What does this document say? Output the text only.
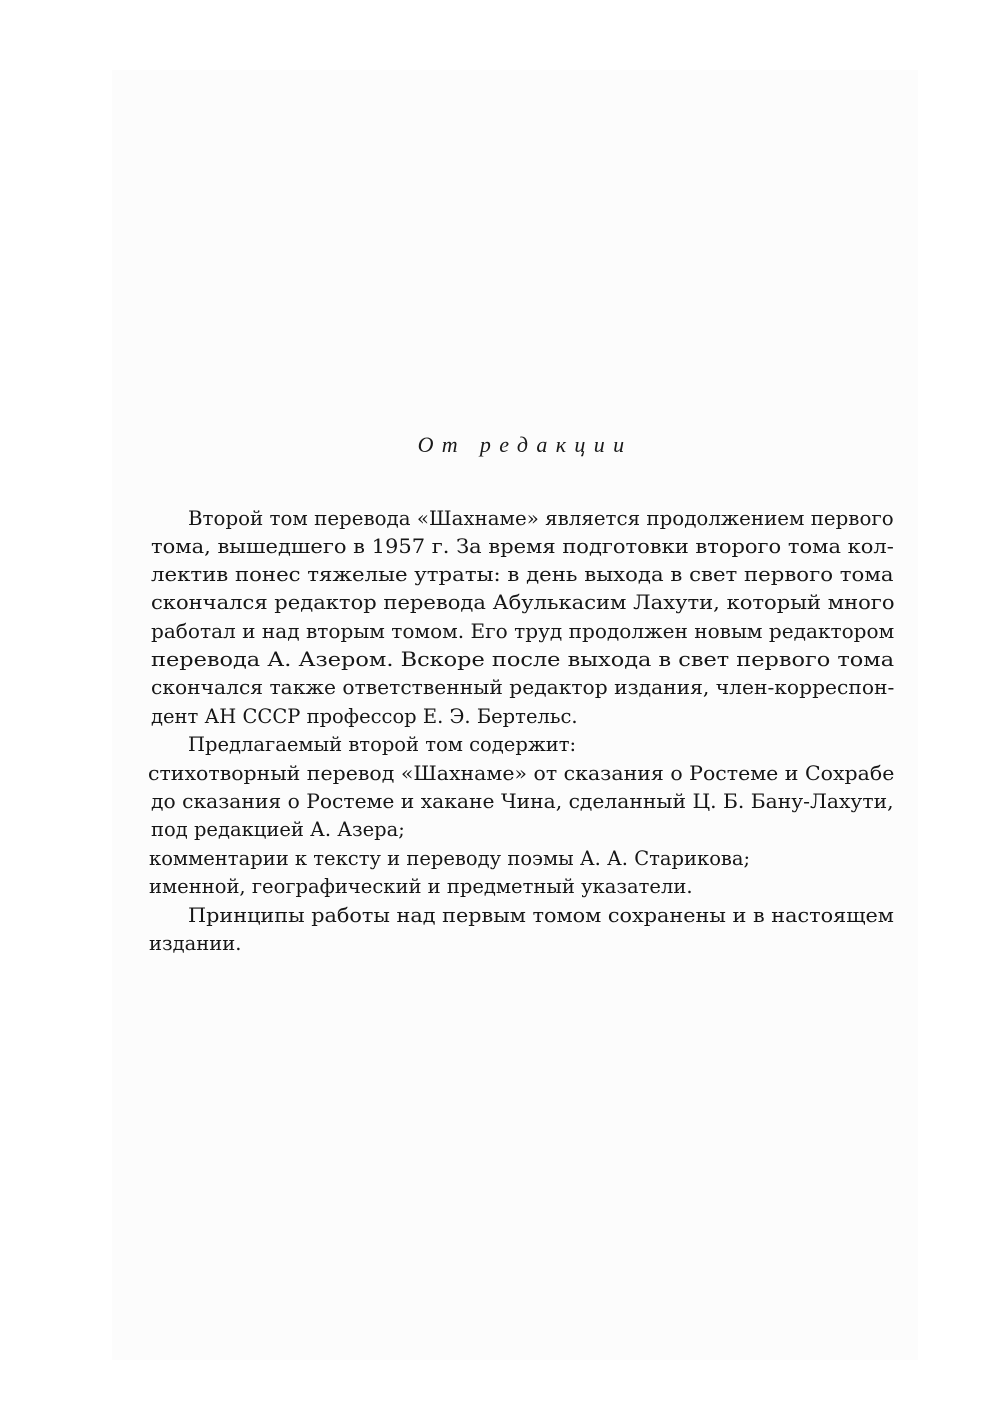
От редакции
Второй том перевода «Шахнаме» является продолжением первого
тома, вышедшего в 1957 г. За время подготовки второго тома кол-
лектив понес тяжелые утраты: в день выхода в свет первого тома
скончался редактор перевода Абулькасим Лахути, который много
работал и над вторым томом. Его труд продолжен новым редактором
перевода А. Азером. Вскоре после выхода в свет первого тома
скончался также ответственный редактор издания, член-корреспон-
дент АН СССР профессор Е. Э. Бертельс.
Предлагаемый второй том содержит:
стихотворный перевод «Шахнаме» от сказания о Ростеме и Сохрабе
до сказания о Ростеме и хакане Чина, сделанный Ц. Б. Бану-Лахути,
под редакцией А. Азера;
комментарии к тексту и переводу поэмы А. А. Старикова;
именной, географический и предметный указатели.
Принципы работы над первым томом сохранены и в настоящем
издании.
